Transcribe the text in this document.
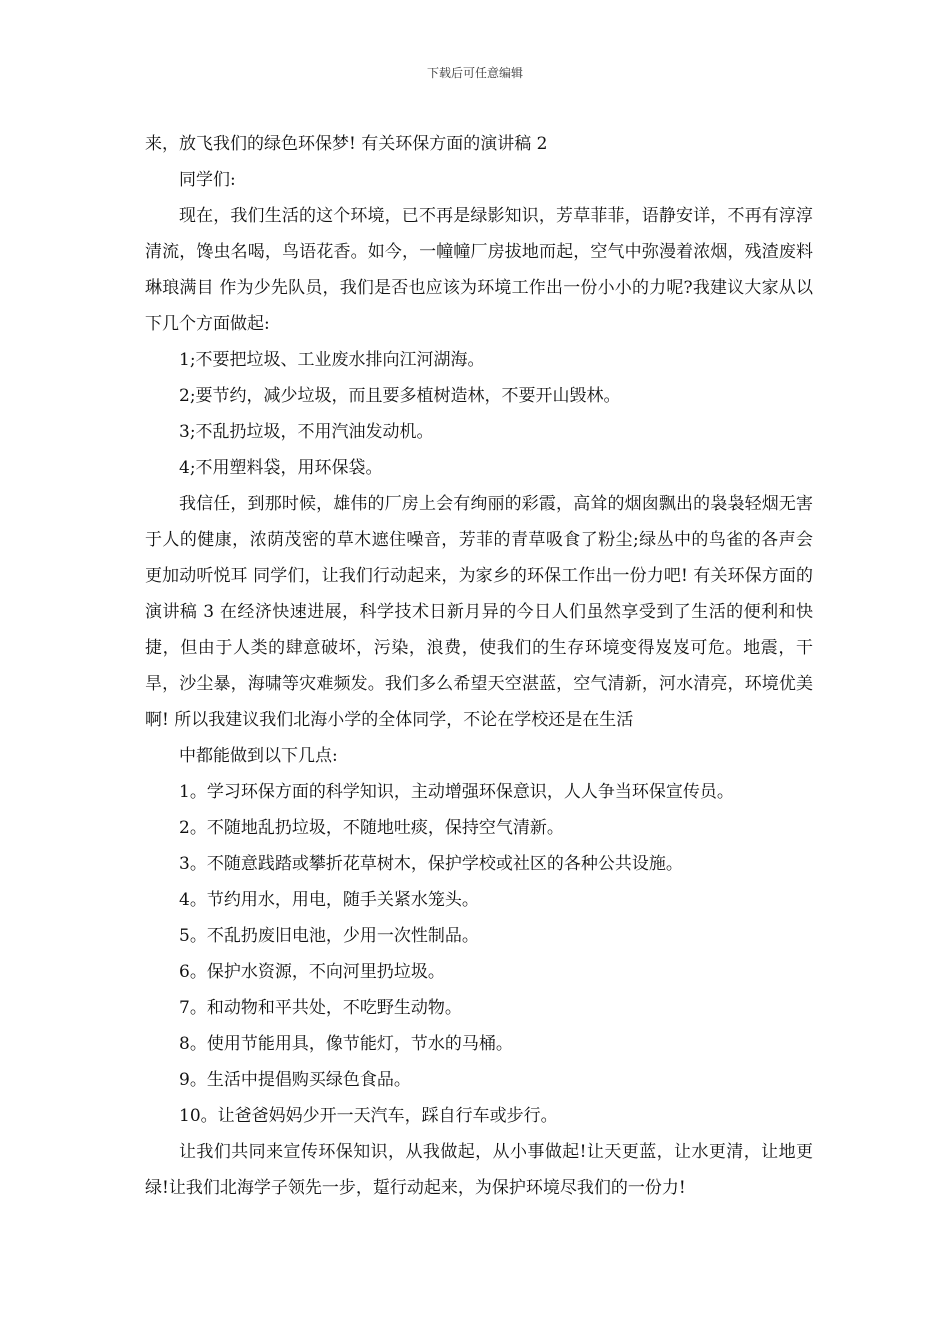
下载后可任意编辑

来，放飞我们的绿色环保梦! 有关环保方面的演讲稿 2

同学们:

现在，我们生活的这个环境，已不再是绿影知识，芳草菲菲，语静安详，不再有淳淳清流，馋虫名喝，鸟语花香。如今，一幢幢厂房拔地而起，空气中弥漫着浓烟，残渣废料琳琅满目 作为少先队员，我们是否也应该为环境工作出一份小小的力呢?我建议大家从以下几个方面做起:

1;不要把垃圾、工业废水排向江河湖海。

2;要节约，减少垃圾，而且要多植树造林，不要开山毁林。

3;不乱扔垃圾，不用汽油发动机。

4;不用塑料袋，用环保袋。

我信任，到那时候，雄伟的厂房上会有绚丽的彩霞，高耸的烟囱飘出的袅袅轻烟无害于人的健康，浓荫茂密的草木遮住噪音，芳菲的青草吸食了粉尘;绿丛中的鸟雀的各声会更加动听悦耳 同学们，让我们行动起来，为家乡的环保工作出一份力吧! 有关环保方面的演讲稿 3 在经济快速进展，科学技术日新月异的今日人们虽然享受到了生活的便利和快捷，但由于人类的肆意破坏，污染，浪费，使我们的生存环境变得岌岌可危。地震，干旱，沙尘暴，海啸等灾难频发。我们多么希望天空湛蓝，空气清新，河水清亮，环境优美啊! 所以我建议我们北海小学的全体同学，不论在学校还是在生活

中都能做到以下几点:

1。学习环保方面的科学知识，主动增强环保意识，人人争当环保宣传员。

2。不随地乱扔垃圾，不随地吐痰，保持空气清新。

3。不随意践踏或攀折花草树木，保护学校或社区的各种公共设施。

4。节约用水，用电，随手关紧水笼头。

5。不乱扔废旧电池，少用一次性制品。

6。保护水资源，不向河里扔垃圾。

7。和动物和平共处，不吃野生动物。

8。使用节能用具，像节能灯，节水的马桶。

9。生活中提倡购买绿色食品。

10。让爸爸妈妈少开一天汽车，踩自行车或步行。

让我们共同来宣传环保知识，从我做起，从小事做起!让天更蓝，让水更清，让地更绿!让我们北海学子领先一步，踅行动起来，为保护环境尽我们的一份力!
